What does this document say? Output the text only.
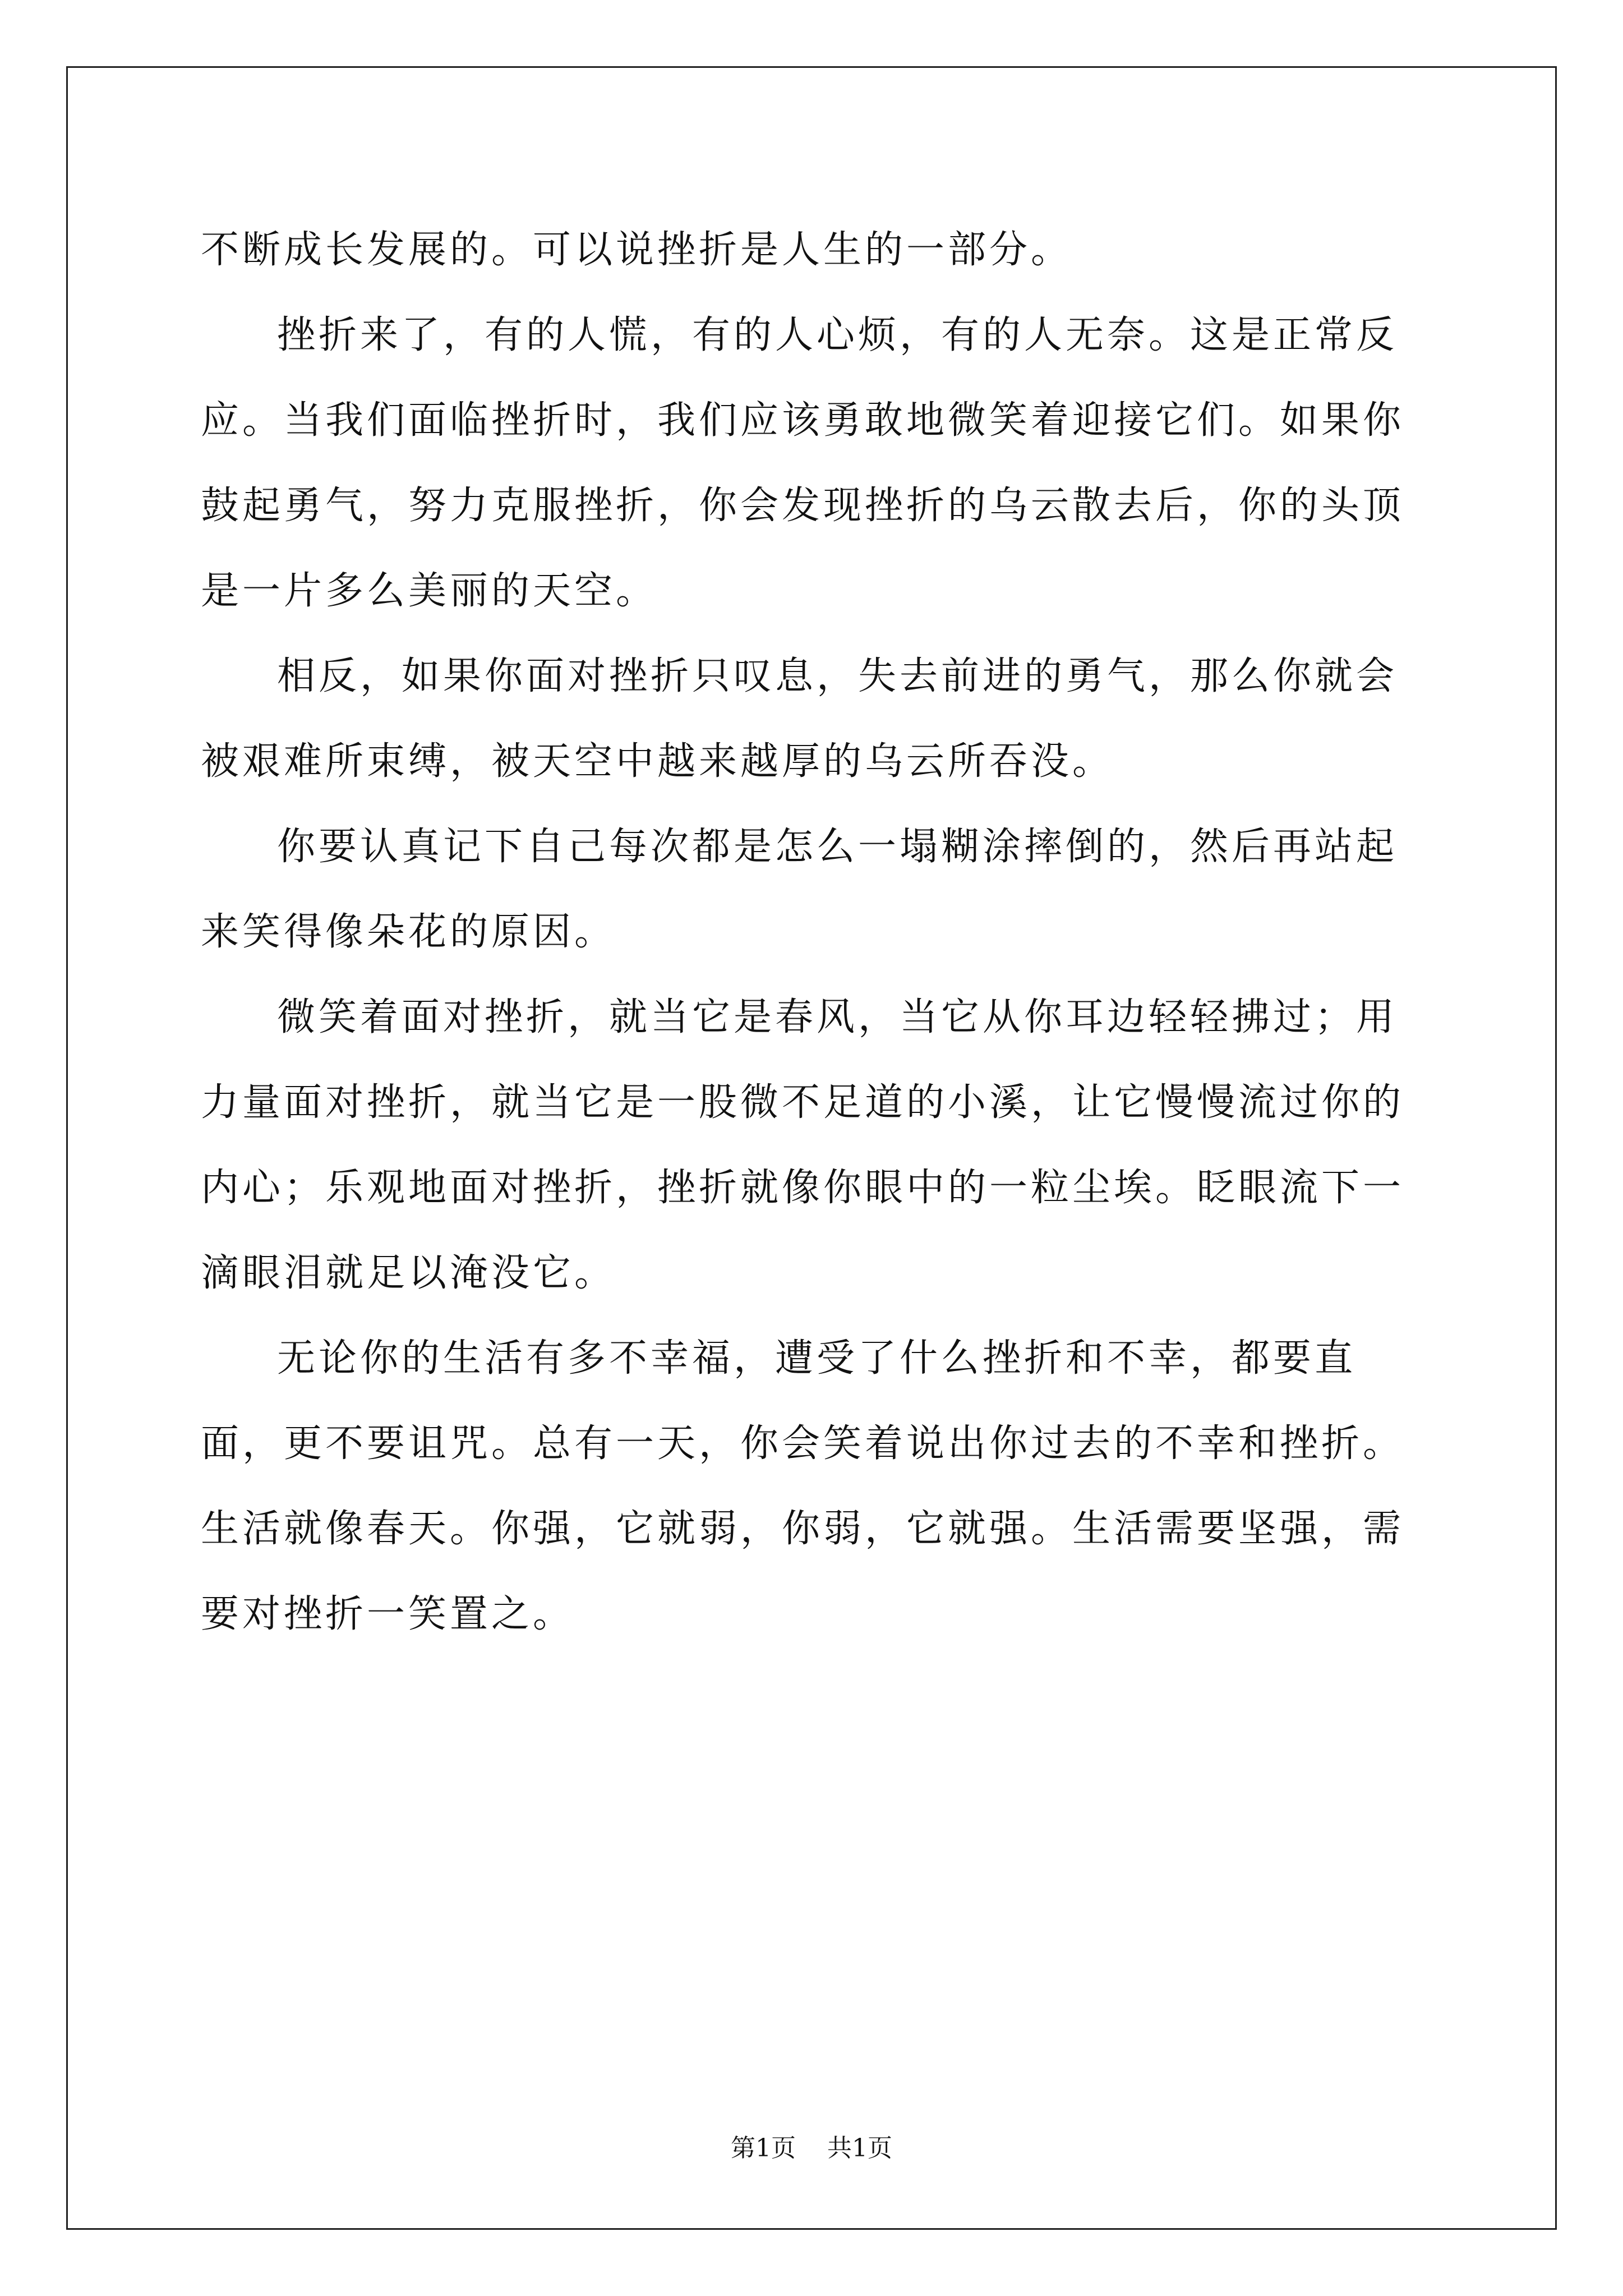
不断成长发展的。可以说挫折是人生的一部分。

挫折来了，有的人慌，有的人心烦，有的人无奈。这是正常反应。当我们面临挫折时，我们应该勇敢地微笑着迎接它们。如果你鼓起勇气，努力克服挫折，你会发现挫折的乌云散去后，你的头顶是一片多么美丽的天空。

相反，如果你面对挫折只叹息，失去前进的勇气，那么你就会被艰难所束缚，被天空中越来越厚的乌云所吞没。

你要认真记下自己每次都是怎么一塌糊涂摔倒的，然后再站起来笑得像朵花的原因。

微笑着面对挫折，就当它是春风，当它从你耳边轻轻拂过；用力量面对挫折，就当它是一股微不足道的小溪，让它慢慢流过你的内心；乐观地面对挫折，挫折就像你眼中的一粒尘埃。眨眼流下一滴眼泪就足以淹没它。

无论你的生活有多不幸福，遭受了什么挫折和不幸，都要直面，更不要诅咒。总有一天，你会笑着说出你过去的不幸和挫折。生活就像春天。你强，它就弱，你弱，它就强。生活需要坚强，需要对挫折一笑置之。

第1页 共1页
